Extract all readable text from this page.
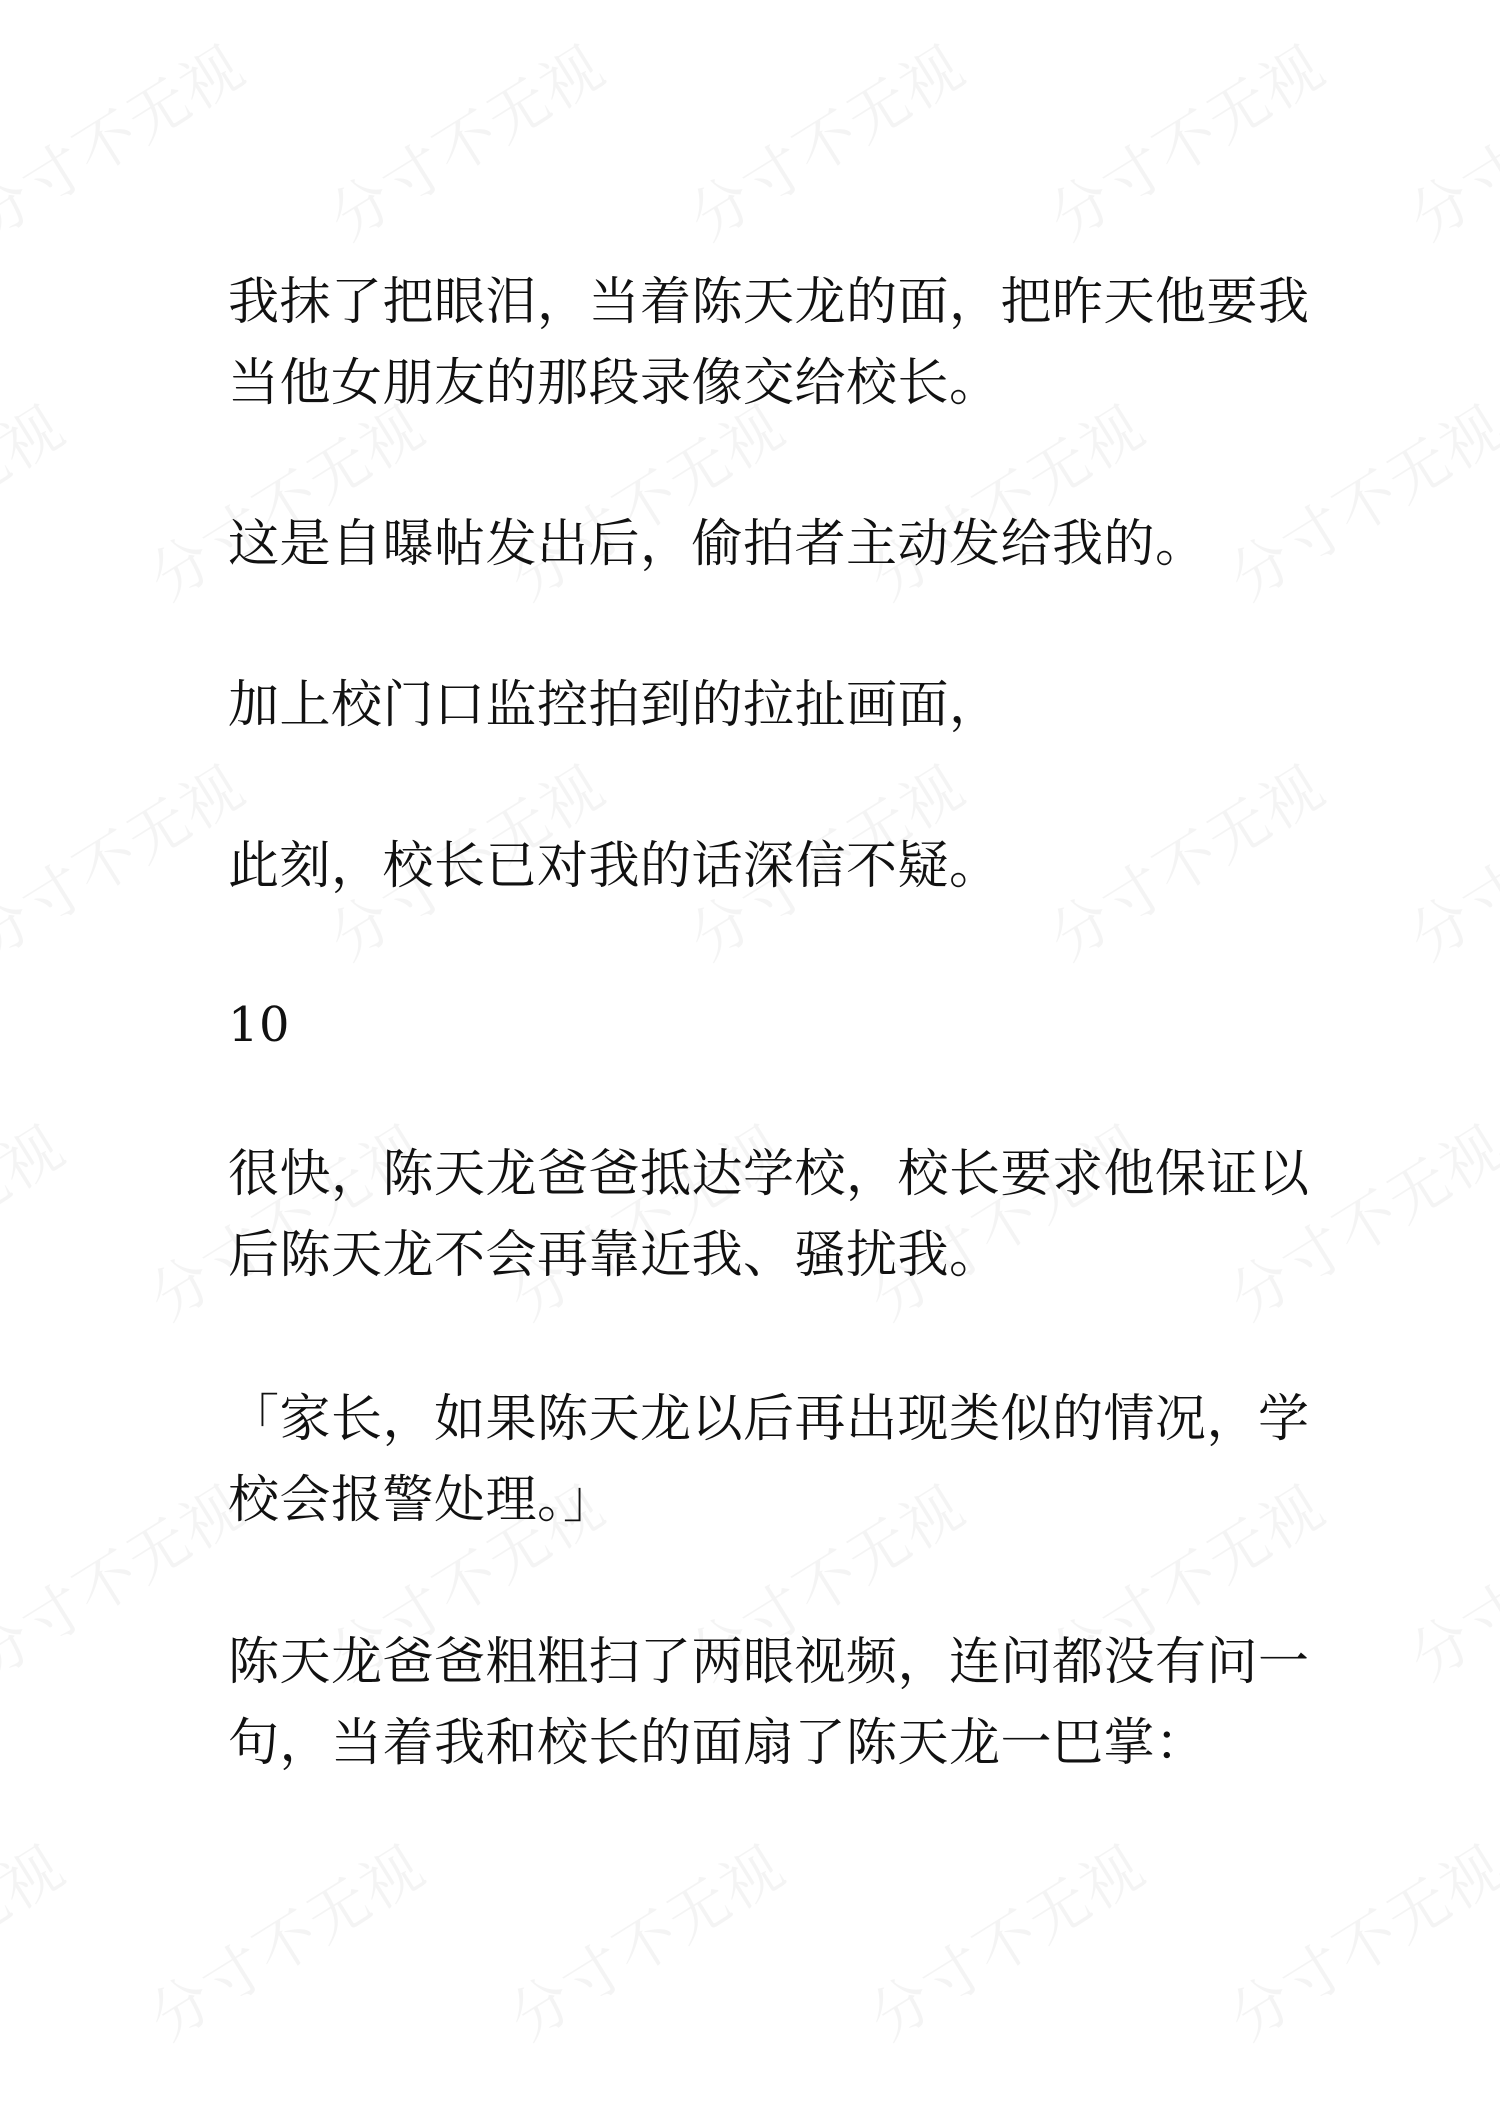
我抹了把眼泪，当着陈天龙的面，把昨天他要我当他女朋友的那段录像交给校长。

这是自曝帖发出后，偷拍者主动发给我的。

加上校门口监控拍到的拉扯画面，

此刻，校长已对我的话深信不疑。

10

很快，陈天龙爸爸抵达学校，校长要求他保证以后陈天龙不会再靠近我、骚扰我。

「家长，如果陈天龙以后再出现类似的情况，学校会报警处理。」

陈天龙爸爸粗粗扫了两眼视频，连问都没有问一句，当着我和校长的面扇了陈天龙一巴掌：
